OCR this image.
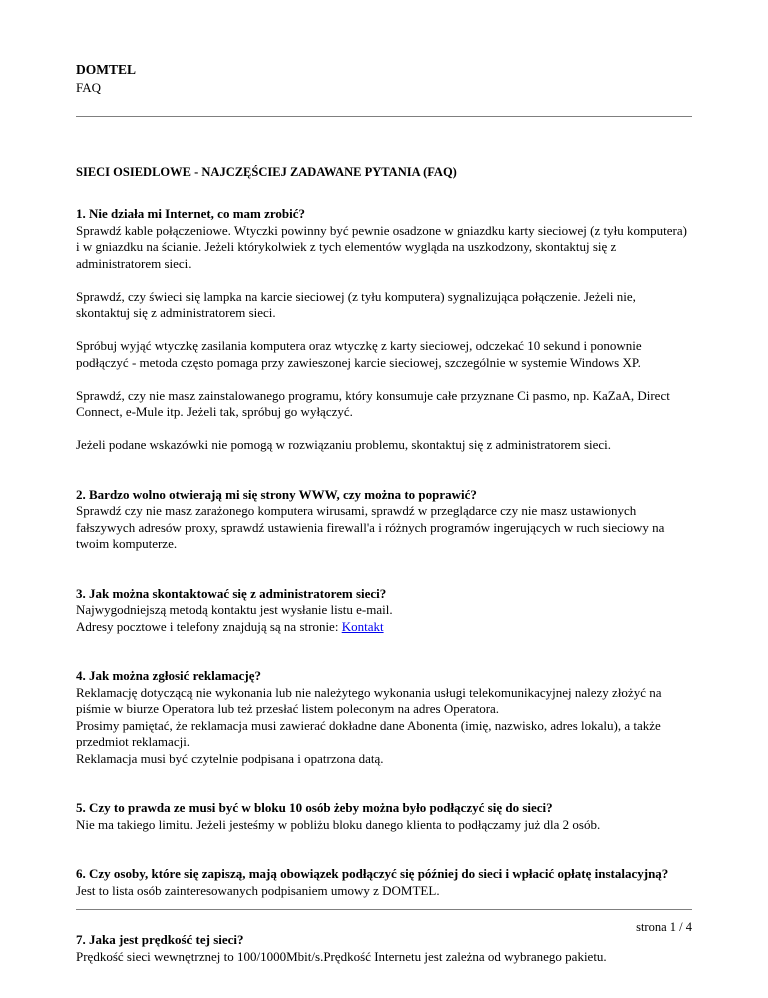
DOMTEL
FAQ
SIECI OSIEDLOWE - NAJCZĘŚCIEJ ZADAWANE PYTANIA (FAQ)
1. Nie działa mi Internet, co mam zrobić?

Sprawdź kable połączeniowe. Wtyczki powinny być pewnie osadzone w gniazdku karty sieciowej (z tyłu komputera) i w gniazdku na ścianie. Jeżeli którykolwiek z tych elementów wygląda na uszkodzony, skontaktuj się z administratorem sieci.

Sprawdź, czy świeci się lampka na karcie sieciowej (z tyłu komputera) sygnalizująca połączenie. Jeżeli nie, skontaktuj się z administratorem sieci.

Spróbuj wyjąć wtyczkę zasilania komputera oraz wtyczkę z karty sieciowej, odczekać 10 sekund i ponownie podłączyć - metoda często pomaga przy zawieszonej karcie sieciowej, szczególnie w systemie Windows XP.

Sprawdź, czy nie masz zainstalowanego programu, który konsumuje całe przyznane Ci pasmo, np. KaZaA, Direct Connect, e-Mule itp. Jeżeli tak, spróbuj go wyłączyć.

Jeżeli podane wskazówki nie pomogą w rozwiązaniu problemu, skontaktuj się z administratorem sieci.

2. Bardzo wolno otwierają mi się strony WWW, czy można to poprawić?

Sprawdź czy nie masz zarażonego komputera wirusami, sprawdź w przeglądarce czy nie masz ustawionych fałszywych adresów proxy, sprawdź ustawienia firewall'a i różnych programów ingerujących w ruch sieciowy na twoim komputerze.

3. Jak można skontaktować się z administratorem sieci?
Najwygodniejszą metodą kontaktu jest wysłanie listu e-mail.
Adresy pocztowe i telefony znajdują są na stronie: Kontakt
4. Jak można zgłosić reklamację?
Reklamację dotyczącą nie wykonania lub nie należytego wykonania usługi telekomunikacyjnej nalezy złożyć na piśmie w biurze Operatora lub też przesłać listem poleconym na adres Operatora.
Prosimy pamiętać, że reklamacja musi zawierać dokładne dane Abonenta (imię, nazwisko, adres lokalu), a także przedmiot reklamacji.
Reklamacja musi być czytelnie podpisana i opatrzona datą.
5. Czy to prawda ze musi być w bloku 10 osób żeby można było podłączyć się do sieci?
Nie ma takiego limitu. Jeżeli jesteśmy w pobliżu bloku danego klienta to podłączamy już dla 2 osób.
6. Czy osoby, które się zapiszą, mają obowiązek podłączyć się później do sieci i wpłacić opłatę instalacyjną?
Jest to lista osób zainteresowanych podpisaniem umowy z DOMTEL.
7. Jaka jest prędkość tej sieci?
Prędkość sieci wewnętrznej to 100/1000Mbit/s.Prędkość Internetu jest zależna od wybranego pakietu.
strona 1 / 4
